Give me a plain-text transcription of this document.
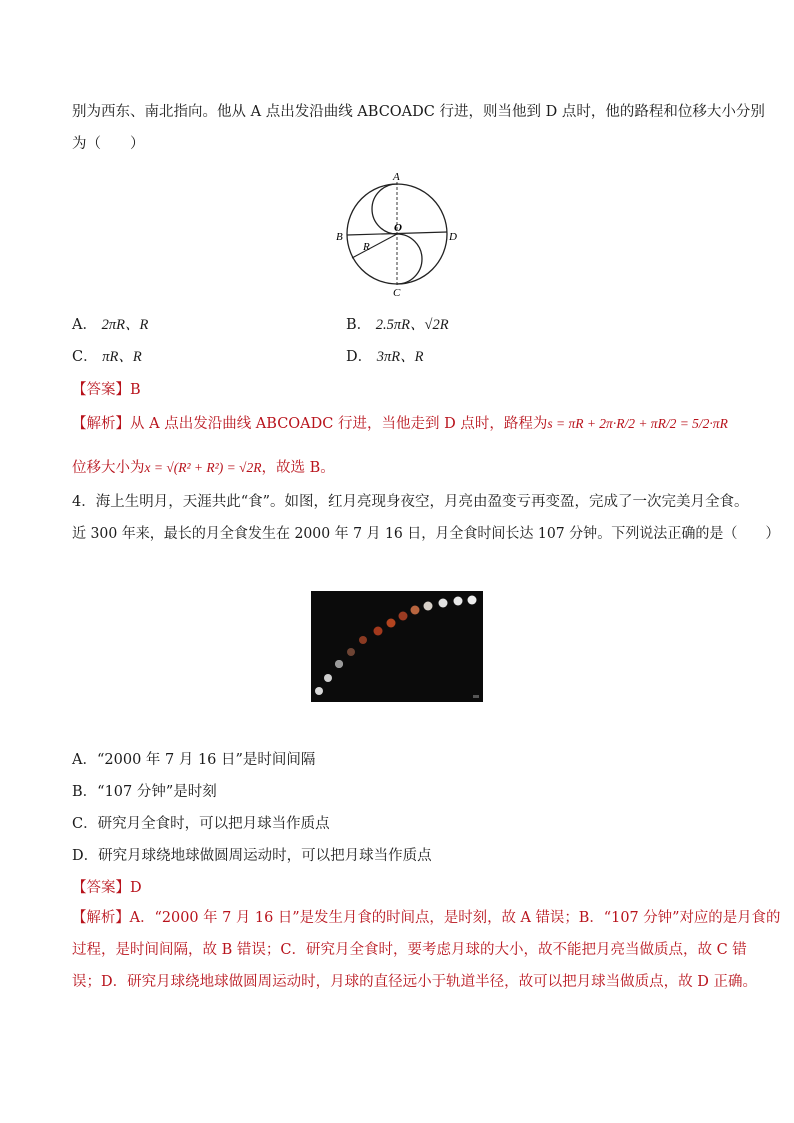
别为西东、南北指向。他从 A 点出发沿曲线 ABCOADC 行进，则当他到 D 点时，他的路程和位移大小分别
为（　　）
A
B
C
D
O
R
A． 2πR、R	B． 2.5πR、√2R
C． πR、R	D． 3πR、R
【答案】B
【解析】从 A 点出发沿曲线 ABCOADC 行进，当他走到 D 点时，路程为s = πR + 2π·R/2 + πR/2 = 5/2·πR
位移大小为x = √(R² + R²) = √2R，故选 B。
4．海上生明月，天涯共此“食”。如图，红月亮现身夜空，月亮由盈变亏再变盈，完成了一次完美月全食。
近 300 年来，最长的月全食发生在 2000 年 7 月 16 日，月全食时间长达 107 分钟。下列说法正确的是（　　）
A．“2000 年 7 月 16 日”是时间间隔
B．“107 分钟”是时刻
C．研究月全食时，可以把月球当作质点
D．研究月球绕地球做圆周运动时，可以把月球当作质点
【答案】D
【解析】A．“2000 年 7 月 16 日”是发生月食的时间点，是时刻，故 A 错误；B．“107 分钟”对应的是月食的
过程，是时间间隔，故 B 错误；C．研究月全食时，要考虑月球的大小，故不能把月亮当做质点，故 C 错
误；D．研究月球绕地球做圆周运动时，月球的直径远小于轨道半径，故可以把月球当做质点，故 D 正确。
